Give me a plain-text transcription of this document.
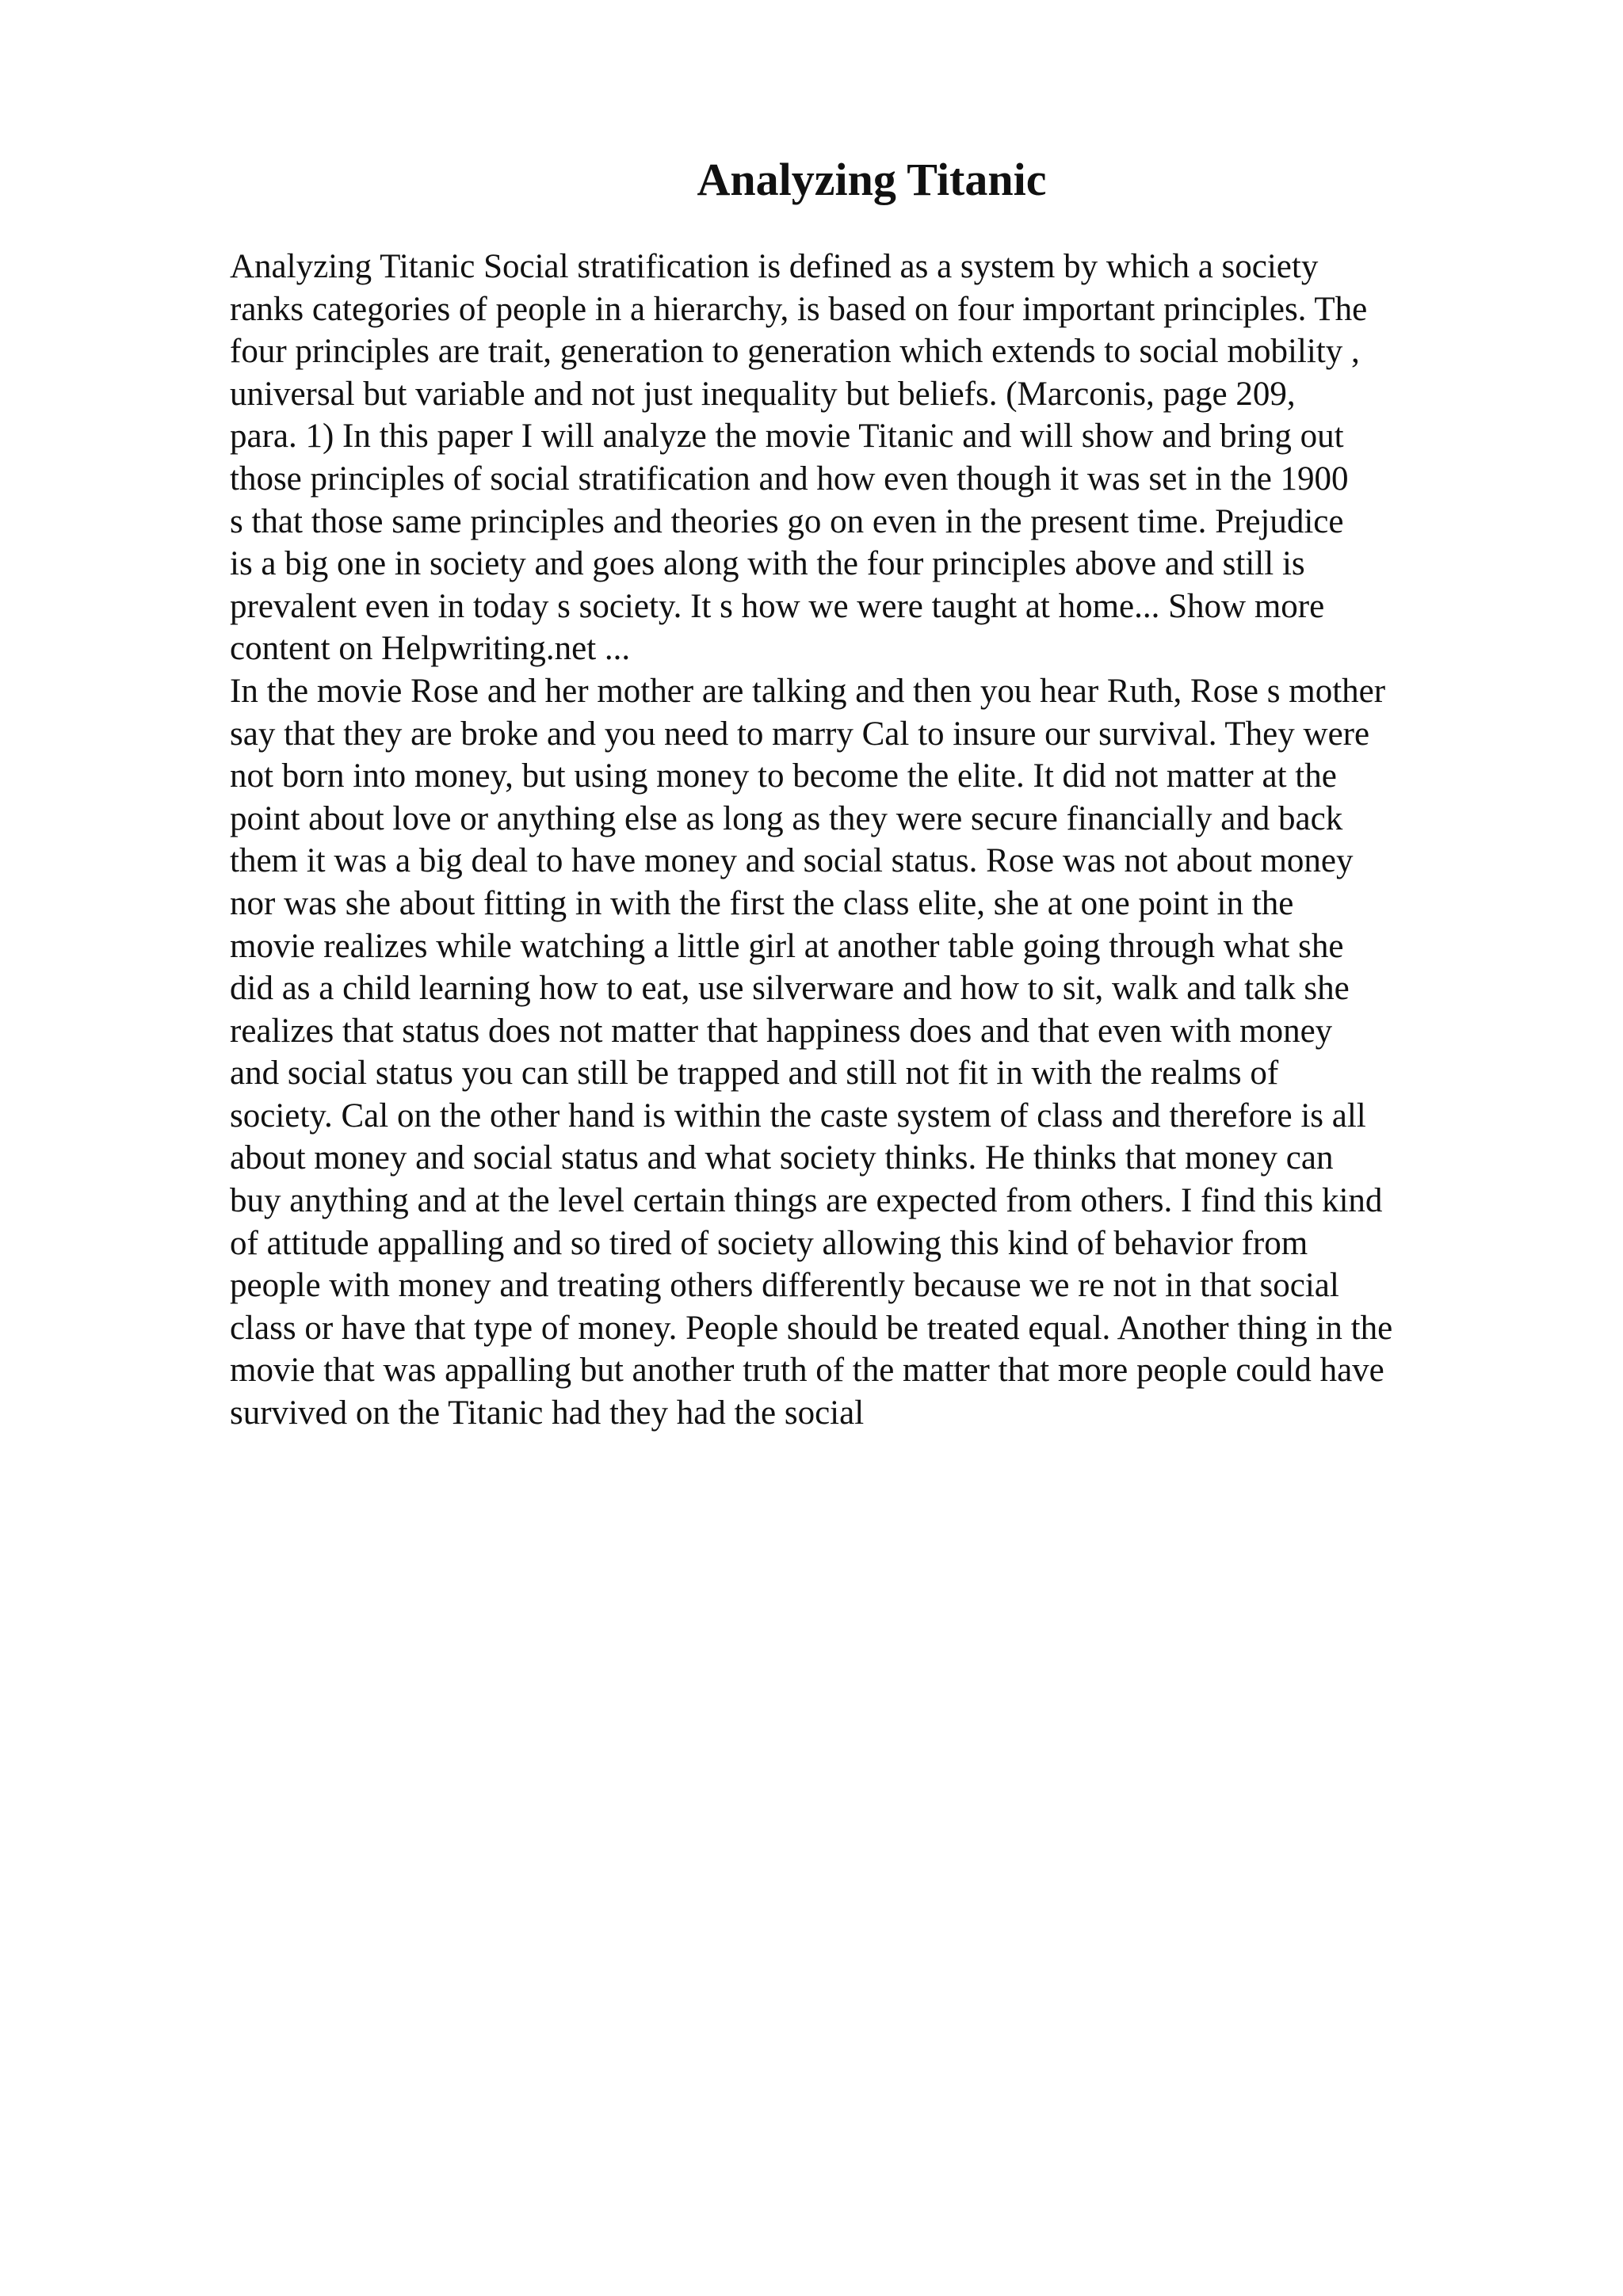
Analyzing Titanic
Analyzing Titanic Social stratification is defined as a system by which a society
ranks categories of people in a hierarchy, is based on four important principles. The
four principles are trait, generation to generation which extends to social mobility ,
universal but variable and not just inequality but beliefs. (Marconis, page 209,
para. 1) In this paper I will analyze the movie Titanic and will show and bring out
those principles of social stratification and how even though it was set in the 1900
s that those same principles and theories go on even in the present time. Prejudice
is a big one in society and goes along with the four principles above and still is
prevalent even in today s society. It s how we were taught at home... Show more
content on Helpwriting.net ...
In the movie Rose and her mother are talking and then you hear Ruth, Rose s mother
say that they are broke and you need to marry Cal to insure our survival. They were
not born into money, but using money to become the elite. It did not matter at the
point about love or anything else as long as they were secure financially and back
them it was a big deal to have money and social status. Rose was not about money
nor was she about fitting in with the first the class elite, she at one point in the
movie realizes while watching a little girl at another table going through what she
did as a child learning how to eat, use silverware and how to sit, walk and talk she
realizes that status does not matter that happiness does and that even with money
and social status you can still be trapped and still not fit in with the realms of
society. Cal on the other hand is within the caste system of class and therefore is all
about money and social status and what society thinks. He thinks that money can
buy anything and at the level certain things are expected from others. I find this kind
of attitude appalling and so tired of society allowing this kind of behavior from
people with money and treating others differently because we re not in that social
class or have that type of money. People should be treated equal. Another thing in the
movie that was appalling but another truth of the matter that more people could have
survived on the Titanic had they had the social
